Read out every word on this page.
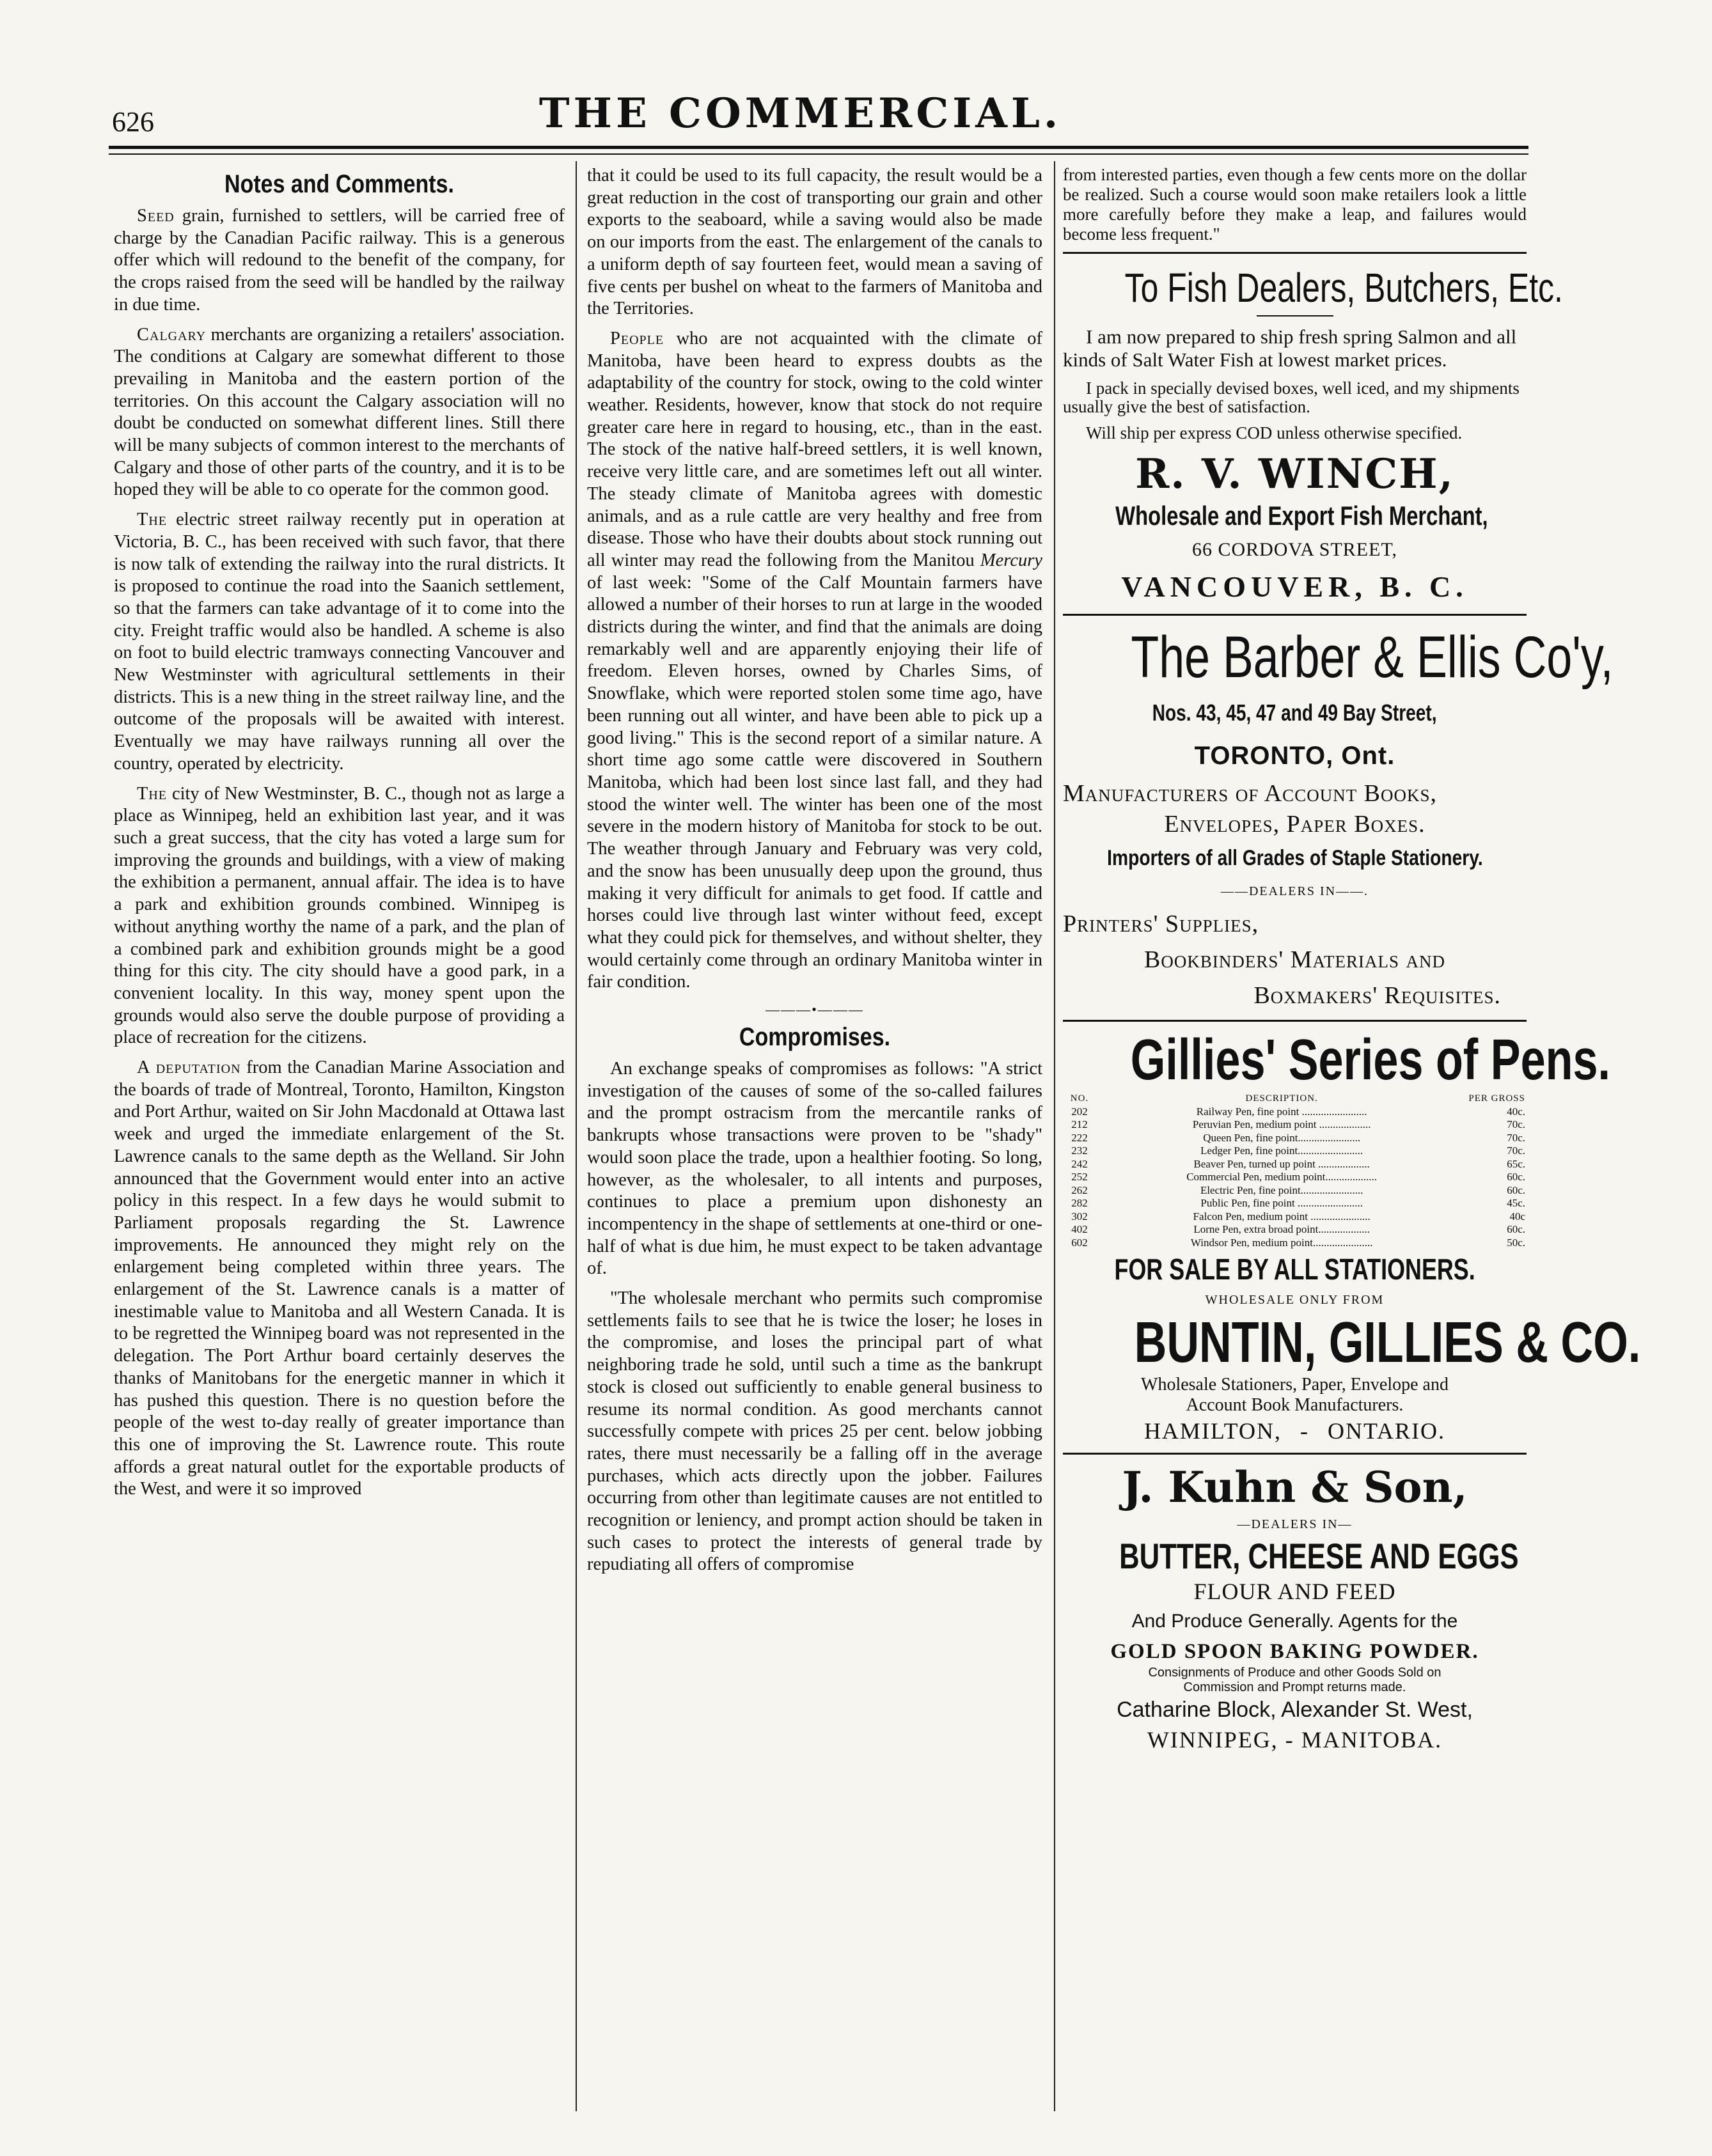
626	THE COMMERCIAL.
Notes and Comments.

Seed grain, furnished to settlers, will be carried free of charge by the Canadian Pacific railway. This is a generous offer which will redound to the benefit of the company, for the crops raised from the seed will be handled by the railway in due time.

Calgary merchants are organizing a retailers' association. The conditions at Calgary are somewhat different to those prevailing in Manitoba and the eastern portion of the territories. On this account the Calgary association will no doubt be conducted on somewhat different lines. Still there will be many subjects of common interest to the merchants of Calgary and those of other parts of the country, and it is to be hoped they will be able to co operate for the common good.

The electric street railway recently put in operation at Victoria, B. C., has been received with such favor, that there is now talk of extending the railway into the rural districts. It is proposed to continue the road into the Saanich settlement, so that the farmers can take advantage of it to come into the city. Freight traffic would also be handled. A scheme is also on foot to build electric tramways connecting Vancouver and New Westminster with agricultural settlements in their districts. This is a new thing in the street railway line, and the outcome of the proposals will be awaited with interest. Eventually we may have railways running all over the country, operated by electricity.

The city of New Westminster, B. C., though not as large a place as Winnipeg, held an exhibition last year, and it was such a great success, that the city has voted a large sum for improving the grounds and buildings, with a view of making the exhibition a permanent, annual affair. The idea is to have a park and exhibition grounds combined. Winnipeg is without anything worthy the name of a park, and the plan of a combined park and exhibition grounds might be a good thing for this city. The city should have a good park, in a convenient locality. In this way, money spent upon the grounds would also serve the double purpose of providing a place of recreation for the citizens.

A deputation from the Canadian Marine Association and the boards of trade of Montreal, Toronto, Hamilton, Kingston and Port Arthur, waited on Sir John Macdonald at Ottawa last week and urged the immediate enlargement of the St. Lawrence canals to the same depth as the Welland. Sir John announced that the Government would enter into an active policy in this respect. In a few days he would submit to Parliament proposals regarding the St. Lawrence improvements. He announced they might rely on the enlargement being completed within three years. The enlargement of the St. Lawrence canals is a matter of inestimable value to Manitoba and all Western Canada. It is to be regretted the Winnipeg board was not represented in the delegation. The Port Arthur board certainly deserves the thanks of Manitobans for the energetic manner in which it has pushed this question. There is no question before the people of the west to-day really of greater importance than this one of improving the St. Lawrence route. This route affords a great natural outlet for the exportable products of the West, and were it so improved

that it could be used to its full capacity, the result would be a great reduction in the cost of transporting our grain and other exports to the seaboard, while a saving would also be made on our imports from the east. The enlargement of the canals to a uniform depth of say fourteen feet, would mean a saving of five cents per bushel on wheat to the farmers of Manitoba and the Territories.

People who are not acquainted with the climate of Manitoba, have been heard to express doubts as the adaptability of the country for stock, owing to the cold winter weather. Residents, however, know that stock do not require greater care here in regard to housing, etc., than in the east. The stock of the native half-breed settlers, it is well known, receive very little care, and are sometimes left out all winter. The steady climate of Manitoba agrees with domestic animals, and as a rule cattle are very healthy and free from disease. Those who have their doubts about stock running out all winter may read the following from the Manitou Mercury of last week: "Some of the Calf Mountain farmers have allowed a number of their horses to run at large in the wooded districts during the winter, and find that the animals are doing remarkably well and are apparently enjoying their life of freedom. Eleven horses, owned by Charles Sims, of Snowflake, which were reported stolen some time ago, have been running out all winter, and have been able to pick up a good living." This is the second report of a similar nature. A short time ago some cattle were discovered in Southern Manitoba, which had been lost since last fall, and they had stood the winter well. The winter has been one of the most severe in the modern history of Manitoba for stock to be out. The weather through January and February was very cold, and the snow has been unusually deep upon the ground, thus making it very difficult for animals to get food. If cattle and horses could live through last winter without feed, except what they could pick for themselves, and without shelter, they would certainly come through an ordinary Manitoba winter in fair condition.

———•———
Compromises.

An exchange speaks of compromises as follows: "A strict investigation of the causes of some of the so-called failures and the prompt ostracism from the mercantile ranks of bankrupts whose transactions were proven to be "shady" would soon place the trade, upon a healthier footing. So long, however, as the wholesaler, to all intents and purposes, continues to place a premium upon dishonesty an incompentency in the shape of settlements at one-third or one-half of what is due him, he must expect to be taken advantage of.

"The wholesale merchant who permits such compromise settlements fails to see that he is twice the loser; he loses in the compromise, and loses the principal part of what neighboring trade he sold, until such a time as the bankrupt stock is closed out sufficiently to enable general business to resume its normal condition. As good merchants cannot successfully compete with prices 25 per cent. below jobbing rates, there must necessarily be a falling off in the average purchases, which acts directly upon the jobber. Failures occurring from other than legitimate causes are not entitled to recognition or leniency, and prompt action should be taken in such cases to protect the interests of general trade by repudiating all offers of compromise

from interested parties, even though a few cents more on the dollar be realized. Such a course would soon make retailers look a little more carefully before they make a leap, and failures would become less frequent."

To Fish Dealers, Butchers, Etc.

I am now prepared to ship fresh spring Salmon and all kinds of Salt Water Fish at lowest market prices.

I pack in specially devised boxes, well iced, and my shipments usually give the best of satisfaction.

Will ship per express COD unless otherwise specified.

R. V. WINCH,
Wholesale and Export Fish Merchant,
66 CORDOVA STREET,
VANCOUVER, B. C.
The Barber & Ellis Co'y,
Nos. 43, 45, 47 and 49 Bay Street,
TORONTO, Ont.
Manufacturers of Account Books,
Envelopes, Paper Boxes.
Importers of all Grades of Staple Stationery.
——DEALERS IN——.
Printers' Supplies,
Bookbinders' Materials and
Boxmakers' Requisites.
Gillies' Series of Pens.
NO.	DESCRIPTION.	PER GROSS
202	Railway Pen, fine point ........................	40c.
212	Peruvian Pen, medium point ...................	70c.
222	Queen Pen, fine point.......................	70c.
232	Ledger Pen, fine point........................	70c.
242	Beaver Pen, turned up point ...................	65c.
252	Commercial Pen, medium point...................	60c.
262	Electric Pen, fine point.......................	60c.
282	Public Pen, fine point ........................	45c.
302	Falcon Pen, medium point ......................	40c
402	Lorne Pen, extra broad point...................	60c.
602	Windsor Pen, medium point......................	50c.
FOR SALE BY ALL STATIONERS.
WHOLESALE ONLY FROM
BUNTIN, GILLIES & CO.
Wholesale Stationers, Paper, Envelope and
Account Book Manufacturers.
HAMILTON, - ONTARIO.
J. Kuhn & Son,
—DEALERS IN—
BUTTER, CHEESE AND EGGS
FLOUR AND FEED
And Produce Generally. Agents for the
GOLD SPOON BAKING POWDER.
Consignments of Produce and other Goods Sold on
Commission and Prompt returns made.
Catharine Block, Alexander St. West,
WINNIPEG, - MANITOBA.
